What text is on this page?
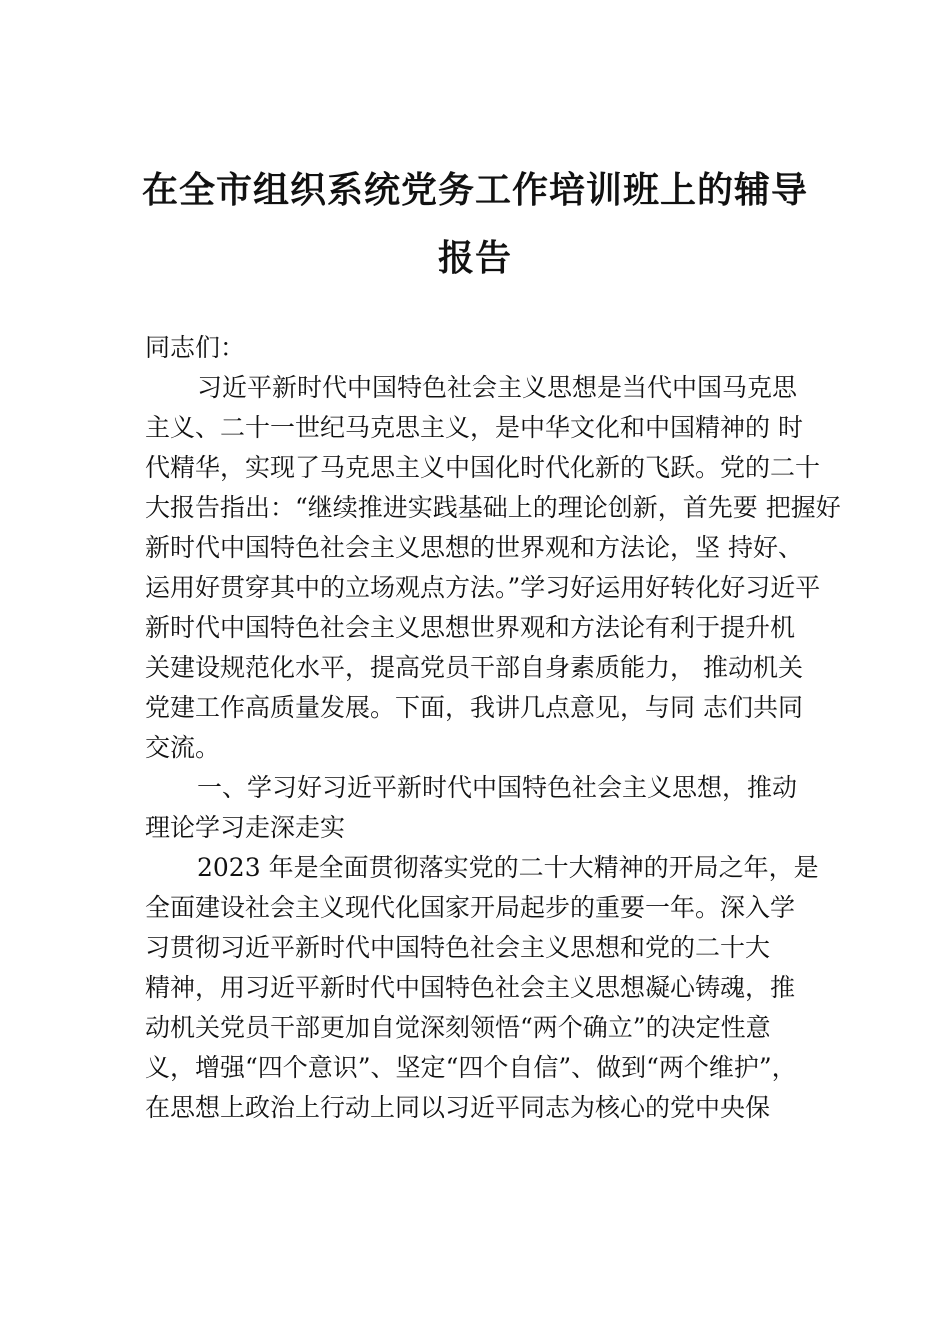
在全市组织系统党务工作培训班上的辅导
报告
同志们：
习近平新时代中国特色社会主义思想是当代中国马克思
主义、二十一世纪马克思主义，是中华文化和中国精神的 时
代精华，实现了马克思主义中国化时代化新的飞跃。党的二十
大报告指出：“继续推进实践基础上的理论创新，首先要 把握好
新时代中国特色社会主义思想的世界观和方法论，坚 持好、
运用好贯穿其中的立场观点方法。”学习好运用好转化好习近平
新时代中国特色社会主义思想世界观和方法论有利于提升机
关建设规范化水平，提高党员干部自身素质能力， 推动机关
党建工作高质量发展。下面，我讲几点意见，与同 志们共同
交流。
一、学习好习近平新时代中国特色社会主义思想，推动
理论学习走深走实
2023 年是全面贯彻落实党的二十大精神的开局之年，是
全面建设社会主义现代化国家开局起步的重要一年。深入学
习贯彻习近平新时代中国特色社会主义思想和党的二十大
精神，用习近平新时代中国特色社会主义思想凝心铸魂，推
动机关党员干部更加自觉深刻领悟“两个确立”的决定性意
义，增强“四个意识”、坚定“四个自信”、做到“两个维护”，
在思想上政治上行动上同以习近平同志为核心的党中央保
